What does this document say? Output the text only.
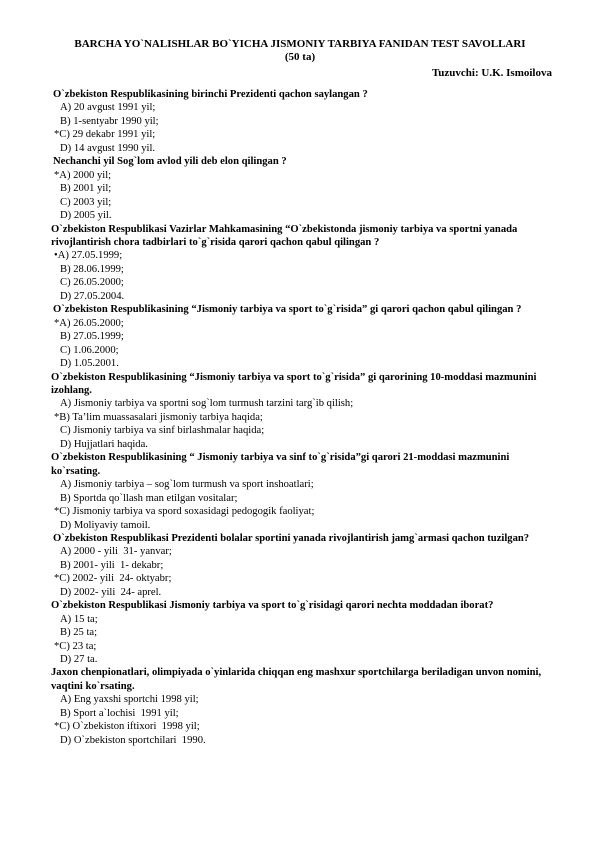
BARCHA YO`NALISHLAR BO`YICHA JISMONIY TARBIYA FANIDAN TEST SAVOLLARI
(50 ta)
Tuzuvchi: U.K. Ismoilova
O`zbekiston Respublikasining birinchi Prezidenti qachon saylangan ?
A) 20 avgust 1991 yil;
B) 1-sentyabr 1990 yil;
*C) 29 dekabr 1991 yil;
D) 14 avgust 1990 yil.
Nechanchi yil Sog`lom avlod yili deb elon qilingan ?
*A) 2000 yil;
B) 2001 yil;
C) 2003 yil;
D) 2005 yil.
O`zbekiston Respublikasi Vazirlar Mahkamasining “O`zbekistonda jismoniy tarbiya va sportni yanada rivojlantirish chora tadbirlari to`g`risida qarori qachon qabul qilingan ?
•A) 27.05.1999;
B) 28.06.1999;
C) 26.05.2000;
D) 27.05.2004.
O`zbekiston Respublikasining “Jismoniy tarbiya va sport to`g`risida” gi qarori qachon qabul qilingan ?
*A) 26.05.2000;
B) 27.05.1999;
C) 1.06.2000;
D) 1.05.2001.
O`zbekiston Respublikasining “Jismoniy tarbiya va sport to`g`risida” gi qarorining 10-moddasi mazmunini izohlang.
A) Jismoniy tarbiya va sportni sog`lom turmush tarzini targ`ib qilish;
*B) Ta’lim muassasalari jismoniy tarbiya haqida;
C) Jismoniy tarbiya va sinf birlashmalar haqida;
D) Hujjatlari haqida.
O`zbekiston Respublikasining “ Jismoniy tarbiya va sinf to`g`risida”gi qarori 21-moddasi mazmunini ko`rsating.
A) Jismoniy tarbiya – sog`lom turmush va sport inshoatlari;
B) Sportda qo`llash man etilgan vositalar;
*C) Jismoniy tarbiya va spord soxasidagi pedogogik faoliyat;
D) Moliyaviy tamoil.
O`zbekiston Respublikasi Prezidenti bolalar sportini yanada rivojlantirish jamg`armasi qachon tuzilgan?
A) 2000 - yili  31- yanvar;
B) 2001- yili  1- dekabr;
*C) 2002- yili  24- oktyabr;
D) 2002- yili  24- aprel.
O`zbekiston Respublikasi Jismoniy tarbiya va sport to`g`risidagi qarori nechta moddadan iborat?
A) 15 ta;
B) 25 ta;
*C) 23 ta;
D) 27 ta.
Jaxon chenpionatlari, olimpiyada o`yinlarida chiqqan eng mashxur sportchilarga beriladigan unvon nomini, vaqtini ko`rsating.
A) Eng yaxshi sportchi 1998 yil;
B) Sport a`lochisi  1991 yil;
*C) O`zbekiston iftixori  1998 yil;
D) O`zbekiston sportchilari  1990.
